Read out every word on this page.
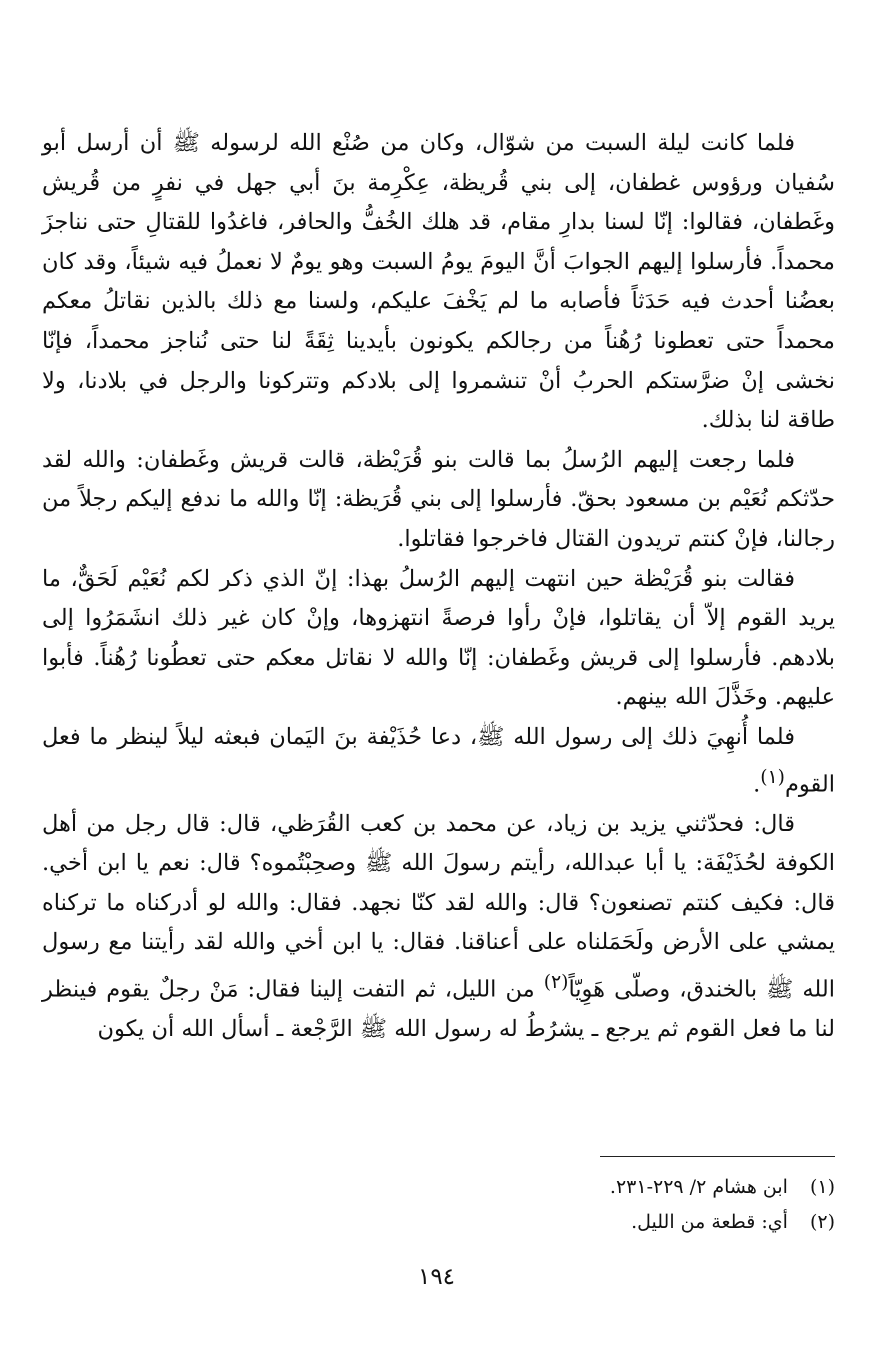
فلما كانت ليلة السبت من شوّال، وكان من صُنْع الله لرسوله ﷺ أن أرسل أبو سُفيان ورؤوس غطفان، إلى بني قُريظة، عِكْرِمة بنَ أبي جهل في نفرٍ من قُريش وغَطفان، فقالوا: إنّا لسنا بدارِ مقام، قد هلك الخُفُّ والحافر، فاغدُوا للقتالِ حتى نناجزَ محمداً. فأرسلوا إليهم الجوابَ أنَّ اليومَ يومُ السبت وهو يومٌ لا نعملُ فيه شيئاً، وقد كان بعضُنا أحدث فيه حَدَثاً فأصابه ما لم يَخْفَ عليكم، ولسنا مع ذلك بالذين نقاتلُ معكم محمداً حتى تعطونا رُهُناً من رجالكم يكونون بأيدينا ثِقَةً لنا حتى نُناجز محمداً، فإنّا نخشى إنْ ضرَّستكم الحربُ أنْ تنشمروا إلى بلادكم وتتركونا والرجل في بلادنا، ولا طاقة لنا بذلك.

فلما رجعت إليهم الرُسلُ بما قالت بنو قُرَيْظة، قالت قريش وغَطفان: والله لقد حدّثكم نُعَيْم بن مسعود بحقّ. فأرسلوا إلى بني قُرَيظة: إنّا والله ما ندفع إليكم رجلاً من رجالنا، فإنْ كنتم تريدون القتال فاخرجوا فقاتلوا.

فقالت بنو قُرَيْظة حين انتهت إليهم الرُسلُ بهذا: إنّ الذي ذكر لكم نُعَيْم لَحَقٌّ، ما يريد القوم إلاّ أن يقاتلوا، فإنْ رأوا فرصةً انتهزوها، وإنْ كان غير ذلك انشَمَرُوا إلى بلادهم. فأرسلوا إلى قريش وغَطفان: إنّا والله لا نقاتل معكم حتى تعطُونا رُهُناً. فأبوا عليهم. وخَذَّلَ الله بينهم.

فلما أُنهِيَ ذلك إلى رسول الله ﷺ، دعا حُذَيْفة بنَ اليَمان فبعثه ليلاً لينظر ما فعل القوم$^{(١)}$.

قال: فحدّثني يزيد بن زياد، عن محمد بن كعب القُرَظي، قال: قال رجل من أهل الكوفة لحُذَيْفَة: يا أبا عبدالله، رأيتم رسولَ الله ﷺ وصحِبْتُموه؟ قال: نعم يا ابن أخي. قال: فكيف كنتم تصنعون؟ قال: والله لقد كنّا نجهد. فقال: والله لو أدركناه ما تركناه يمشي على الأرض ولَحَمَلناه على أعناقنا. فقال: يا ابن أخي والله لقد رأيتنا مع رسول الله ﷺ بالخندق، وصلّى هَوِيّاً$^{(٢)}$ من الليل، ثم التفت إلينا فقال: مَنْ رجلٌ يقوم فينظر لنا ما فعل القوم ثم يرجع ـ يشرُطُ له رسول الله ﷺ الرَّجْعة ـ أسأل الله أن يكون

(١)
ابن هشام ٢/ ٢٢٩-٢٣١.
(٢)
أي: قطعة من الليل.
١٩٤
